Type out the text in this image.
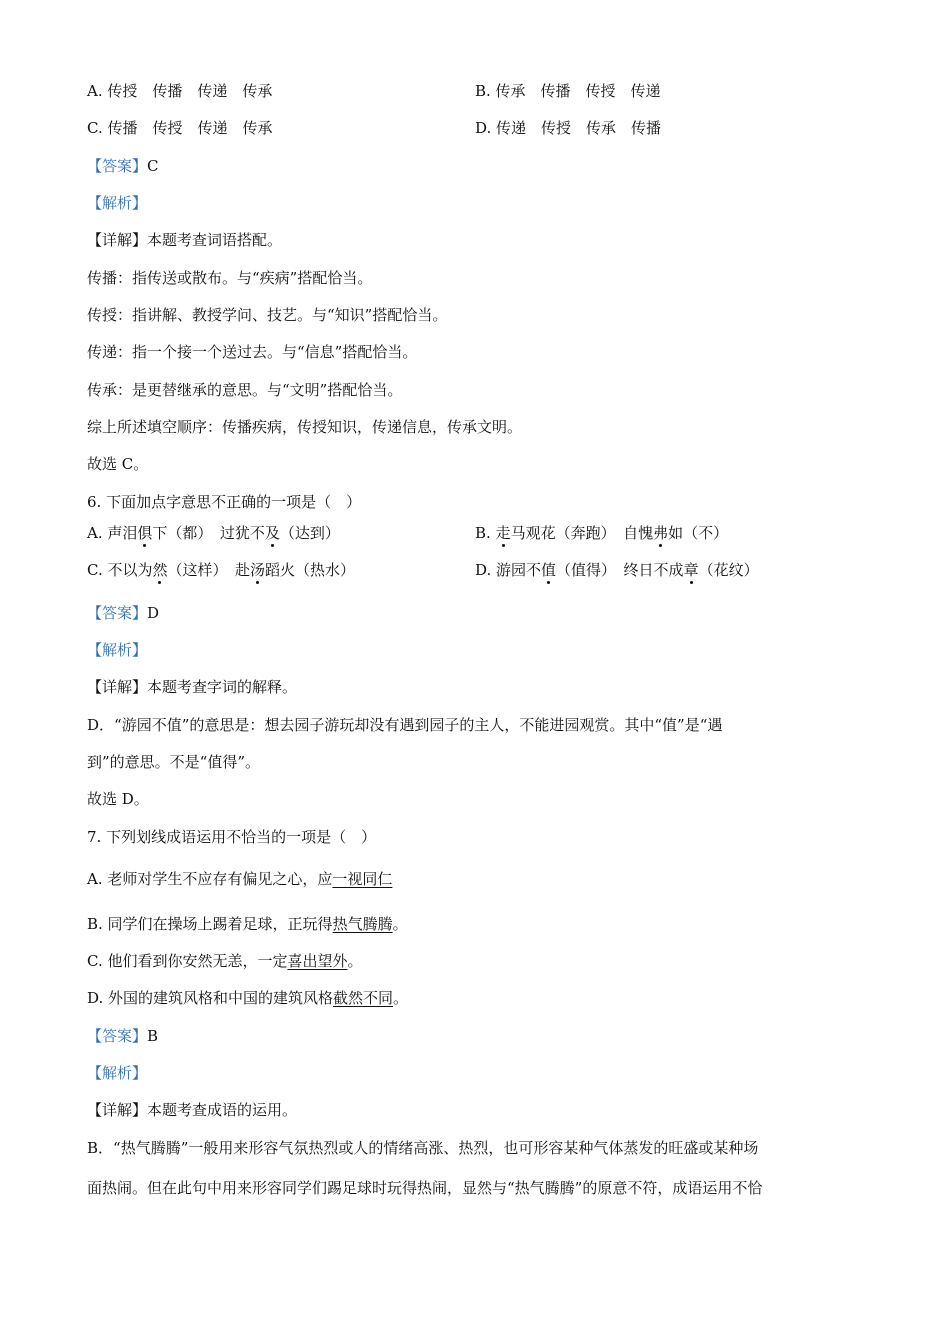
A. 传授　传播　传递　传承	B. 传承　传播　传授　传递
C. 传播　传授　传递　传承	D. 传递　传授　传承　传播
【答案】C
【解析】
【详解】本题考查词语搭配。
传播：指传送或散布。与“疾病”搭配恰当。
传授：指讲解、教授学问、技艺。与“知识”搭配恰当。
传递：指一个接一个送过去。与“信息”搭配恰当。
传承：是更替继承的意思。与“文明”搭配恰当。
综上所述填空顺序：传播疾病，传授知识，传递信息，传承文明。
故选 C。
6. 下面加点字意思不正确的一项是（　）
A. 声泪俱下（都）　过犹不及（达到）	B. 走马观花（奔跑）　自愧弗如（不）
C. 不以为然（这样）　赴汤蹈火（热水）	D. 游园不值（值得）　终日不成章（花纹）
【答案】D
【解析】
【详解】本题考查字词的解释。
D．“游园不值”的意思是：想去园子游玩却没有遇到园子的主人，不能进园观赏。其中“值”是“遇
到”的意思。不是“值得”。
故选 D。
7. 下列划线成语运用不恰当的一项是（　）
A. 老师对学生不应存有偏见之心，应一视同仁
B. 同学们在操场上踢着足球，正玩得热气腾腾。
C. 他们看到你安然无恙，一定喜出望外。
D. 外国的建筑风格和中国的建筑风格截然不同。
【答案】B
【解析】
【详解】本题考查成语的运用。
B．“热气腾腾”一般用来形容气氛热烈或人的情绪高涨、热烈，也可形容某种气体蒸发的旺盛或某种场
面热闹。但在此句中用来形容同学们踢足球时玩得热闹，显然与“热气腾腾”的原意不符，成语运用不恰
